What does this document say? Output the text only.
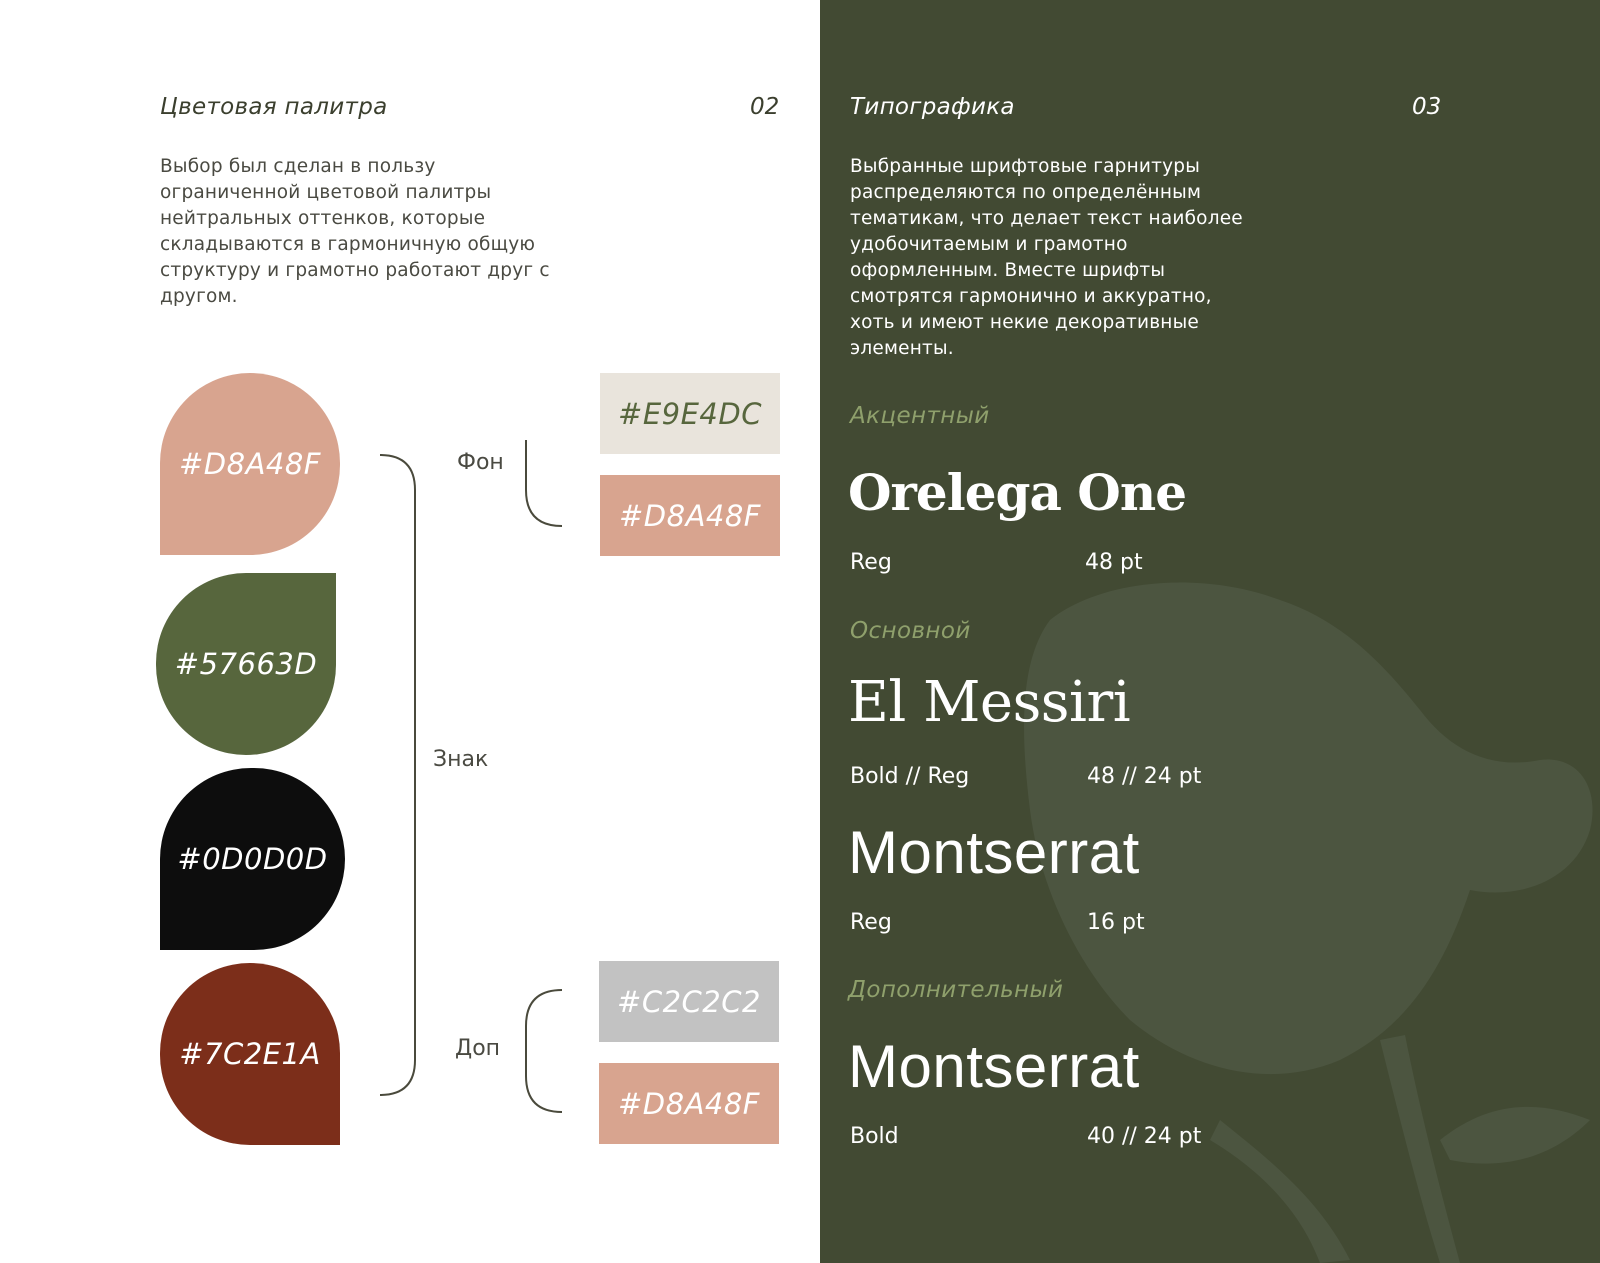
Цветовая палитра	02

Выбор был сделан в пользу ограниченной цветовой палитры нейтральных оттенков, которые складываются в гармоничную общую структуру и грамотно работают друг с другом.

#D8A48F
#57663D
#0D0D0D
#7C2E1A
Фон
Знак
Доп
#E9E4DC
#D8A48F
#C2C2C2
#D8A48F
Типографика	03

Выбранные шрифтовые гарнитуры распределяются по определённым тематикам, что делает текст наиболее удобочитаемым и грамотно оформленным. Вместе шрифты смотрятся гармонично и аккуратно, хоть и имеют некие декоративные элементы.

Акцентный
Orelega One
Reg	48 pt
Основной
El Messiri
Bold // Reg	48 // 24 pt
Montserrat
Reg	16 pt
Дополнительный
Montserrat
Bold	40 // 24 pt
